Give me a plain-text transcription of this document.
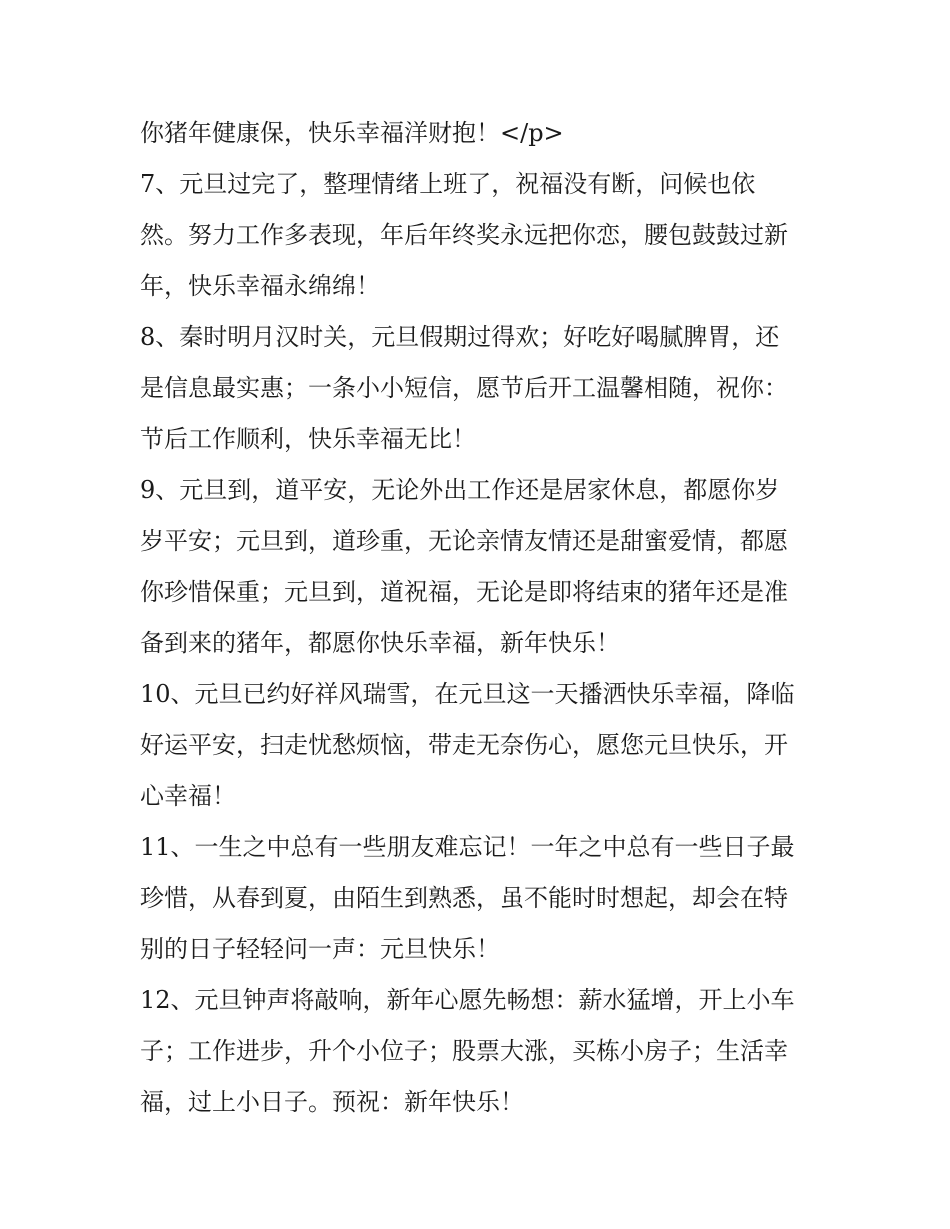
你猪年健康保，快乐幸福洋财抱！</p>
7、元旦过完了，整理情绪上班了，祝福没有断，问候也依
然。努力工作多表现，年后年终奖永远把你恋，腰包鼓鼓过新
年，快乐幸福永绵绵！
8、秦时明月汉时关，元旦假期过得欢；好吃好喝腻脾胃，还
是信息最实惠；一条小小短信，愿节后开工温馨相随，祝你：
节后工作顺利，快乐幸福无比！
9、元旦到，道平安，无论外出工作还是居家休息，都愿你岁
岁平安；元旦到，道珍重，无论亲情友情还是甜蜜爱情，都愿
你珍惜保重；元旦到，道祝福，无论是即将结束的猪年还是准
备到来的猪年，都愿你快乐幸福，新年快乐！
10、元旦已约好祥风瑞雪，在元旦这一天播洒快乐幸福，降临
好运平安，扫走忧愁烦恼，带走无奈伤心，愿您元旦快乐，开
心幸福！
11、一生之中总有一些朋友难忘记！一年之中总有一些日子最
珍惜，从春到夏，由陌生到熟悉，虽不能时时想起，却会在特
别的日子轻轻问一声：元旦快乐！
12、元旦钟声将敲响，新年心愿先畅想：薪水猛增，开上小车
子；工作进步，升个小位子；股票大涨，买栋小房子；生活幸
福，过上小日子。预祝：新年快乐！
